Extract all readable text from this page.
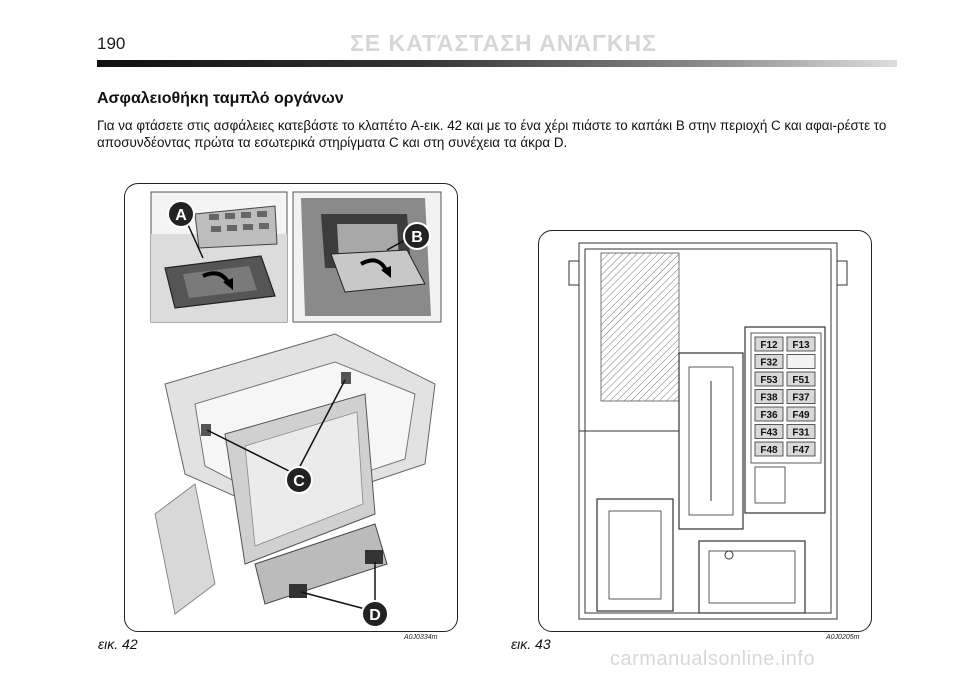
190	ΣΕ ΚΑΤΆΣΤΑΣΗ ΑΝΆΓΚΗΣ
Ασφαλειοθήκη ταμπλό οργάνων
Για να φτάσετε στις ασφάλειες κατεβάστε το κλαπέτο A-εικ. 42 και με το ένα χέρι πιάστε το καπάκι B στην περιοχή C και αφαι-ρέστε το αποσυνδέοντας πρώτα τα εσωτερικά στηρίγματα C και στη συνέχεια τα άκρα D.
A
B
C
D
εικ. 42	A0J0334m
F12 F13
F32
F53 F51
F38 F37
F36 F49
F43 F31
F48 F47
εικ. 43	A0J0205m
carmanualsonline.info
